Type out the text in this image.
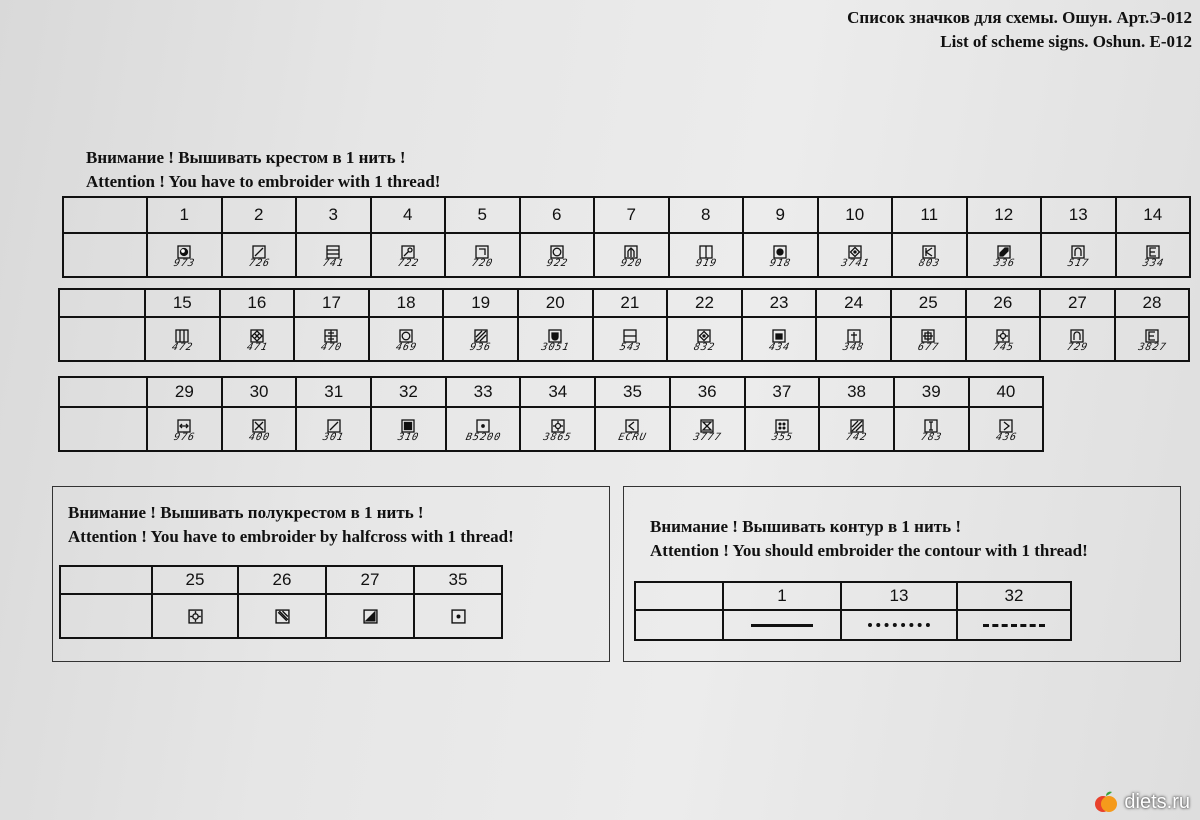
Список значков для схемы. Ошун. Арт.Э-012
List of scheme signs. Oshun. E-012
Внимание ! Вышивать крестом в 1 нить !
Attention ! You have to embroider with 1 thread!
	1	2	3	4	5	6	7	8	9	10	11	12	13	14

	973	726	741	722	720	922	920	919	918	3741	803	336	517	334
	15	16	17	18	19	20	21	22	23	24	25	26	27	28

	472	471	470	469	936	3051	543	832	434	348	677	745	729	3827
	29	30	31	32	33	34	35	36	37	38	39	40

	976	400	301	310	B5200	3865	ECRU	3777	355	742	783	436
Внимание ! Вышивать полукрестом в 1 нить !
Attention ! You have to embroider by halfcross with 1 thread!
	25	26	27	35

Внимание ! Вышивать контур в 1 нить !
Attention ! You should embroider the contour with 1 thread!
	1	13	32

diets.ru
